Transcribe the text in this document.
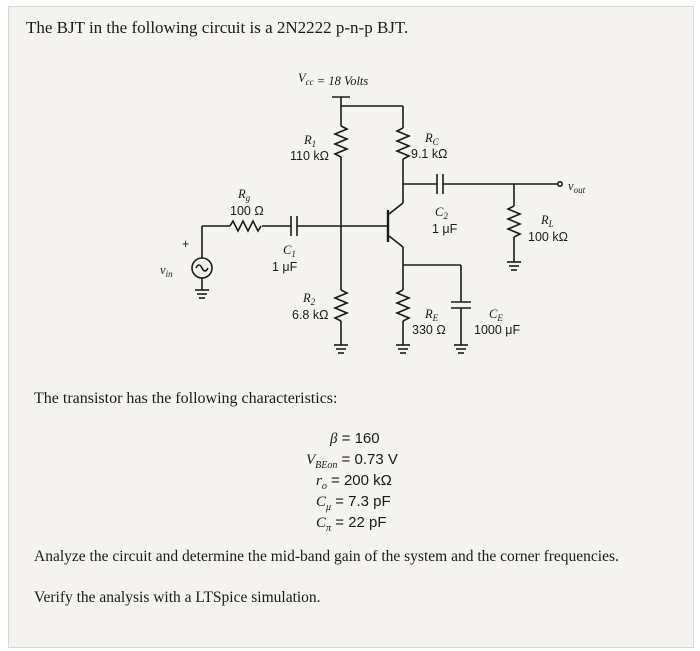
The BJT in the following circuit is a 2N2222 p-n-p BJT.
$V_{cc} = 18$ Volts
$R_1$
110 kΩ
$R_C$
9.1 kΩ
$R_g$
100 Ω
$C_1$
1 μF
$C_2$
1 μF
$v_{out}$
$R_L$
100 kΩ
+
$v_{in}$
$R_2$
6.8 kΩ	$R_E$
330 Ω
$C_E$
1000 μF
The transistor has the following characteristics:
β = 160
$V_{BEon} = 0.73$ V
$r_o = 200$ kΩ
$C_\mu = 7.3$ pF
$C_\pi = 22$ pF
Analyze the circuit and determine the mid-band gain of the system and the corner frequencies.
Verify the analysis with a LTSpice simulation.
